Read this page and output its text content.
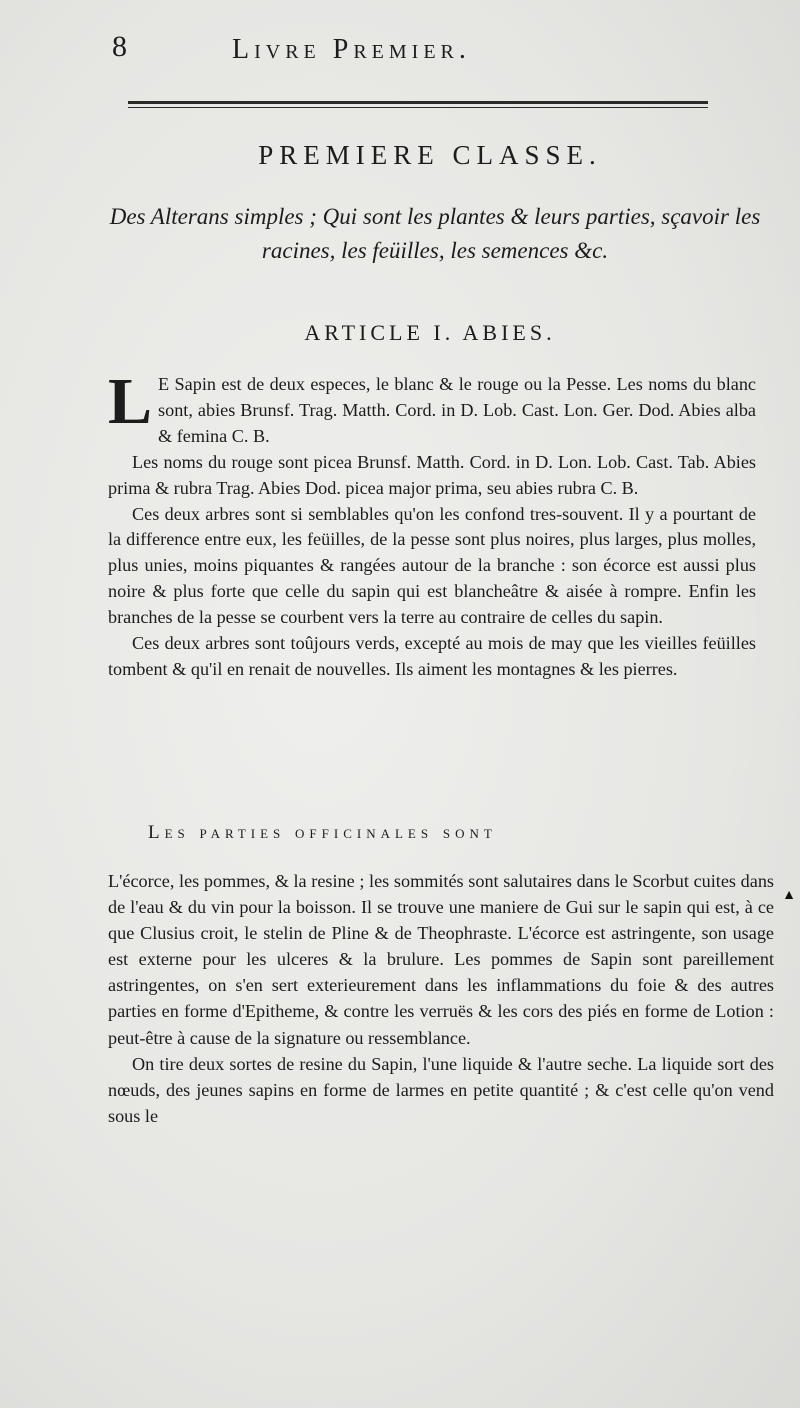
8	Livre Premier.
PREMIERE CLASSE.
Des Alterans simples ; Qui sont les plantes & leurs parties, sçavoir les racines, les feüilles, les semences &c.
ARTICLE I. ABIES.

L E Sapin est de deux especes, le blanc & le rouge ou la Pesse. Les noms du blanc sont, abies Brunsf. Trag. Matth. Cord. in D. Lob. Cast. Lon. Ger. Dod. Abies alba & femina C. B.

Les noms du rouge sont picea Brunsf. Matth. Cord. in D. Lon. Lob. Cast. Tab. Abies prima & rubra Trag. Abies Dod. picea major prima, seu abies rubra C. B.

Ces deux arbres sont si semblables qu'on les confond tres-souvent. Il y a pourtant de la difference entre eux, les feüilles, de la pesse sont plus noires, plus larges, plus molles, plus unies, moins piquantes & rangées autour de la branche : son écorce est aussi plus noire & plus forte que celle du sapin qui est blancheâtre & aisée à rompre. Enfin les branches de la pesse se courbent vers la terre au contraire de celles du sapin.

Ces deux arbres sont toûjours verds, excepté au mois de may que les vieilles feüilles tombent & qu'il en renait de nouvelles. Ils aiment les montagnes & les pierres.

Les parties officinales sont

L'écorce, les pommes, & la resine ; les sommités sont salutaires dans le Scorbut cuites dans de l'eau & du vin pour la boisson. Il se trouve une maniere de Gui sur le sapin qui est, à ce que Clusius croit, le stelin de Pline & de Theophraste. L'écorce est astringente, son usage est externe pour les ulceres & la brulure. Les pommes de Sapin sont pareillement astringentes, on s'en sert exterieurement dans les inflammations du foie & des autres parties en forme d'Epitheme, & contre les verruës & les cors des piés en forme de Lotion : peut-être à cause de la signature ou ressemblance.

On tire deux sortes de resine du Sapin, l'une liquide & l'autre seche. La liquide sort des nœuds, des jeunes sapins en forme de larmes en petite quantité ; & c'est celle qu'on vend sous le

▲
